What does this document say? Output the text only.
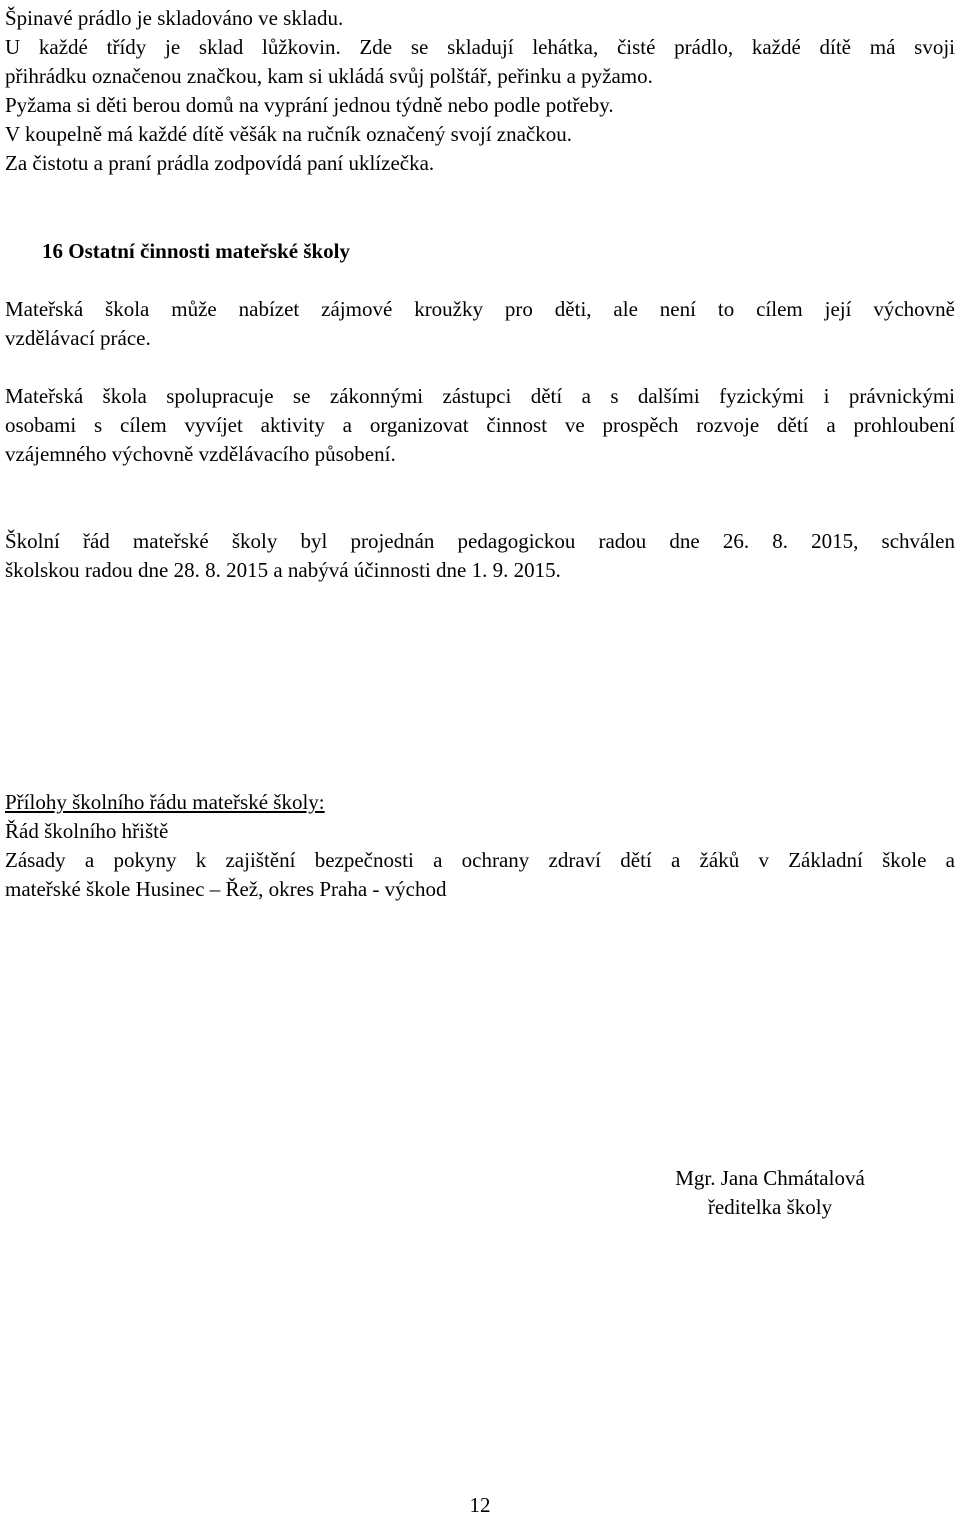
Špinavé prádlo je skladováno ve skladu.
U každé třídy je sklad lůžkovin. Zde se skladují lehátka, čisté prádlo, každé dítě má svoji
přihrádku označenou značkou, kam si ukládá svůj polštář, peřinku a pyžamo.
Pyžama si děti berou domů na vyprání jednou týdně nebo podle potřeby.
V koupelně má každé dítě věšák na ručník označený svojí značkou.
Za čistotu a praní prádla zodpovídá paní uklízečka.
16 Ostatní činnosti mateřské školy
Mateřská škola může nabízet zájmové kroužky pro děti, ale není to cílem její výchovně
vzdělávací práce.
Mateřská škola spolupracuje se zákonnými zástupci dětí a s dalšími fyzickými i právnickými
osobami s cílem vyvíjet aktivity a organizovat činnost ve prospěch rozvoje dětí a prohloubení
vzájemného výchovně vzdělávacího působení.
Školní řád mateřské školy byl projednán pedagogickou radou dne 26. 8. 2015, schválen
školskou radou dne 28. 8. 2015 a nabývá účinnosti dne 1. 9. 2015.
Přílohy školního řádu mateřské školy:
Řád školního hřiště
Zásady a pokyny k zajištění bezpečnosti a ochrany zdraví dětí a žáků v Základní škole a
mateřské škole Husinec – Řež, okres Praha - východ
Mgr. Jana Chmátalová
ředitelka školy
12
